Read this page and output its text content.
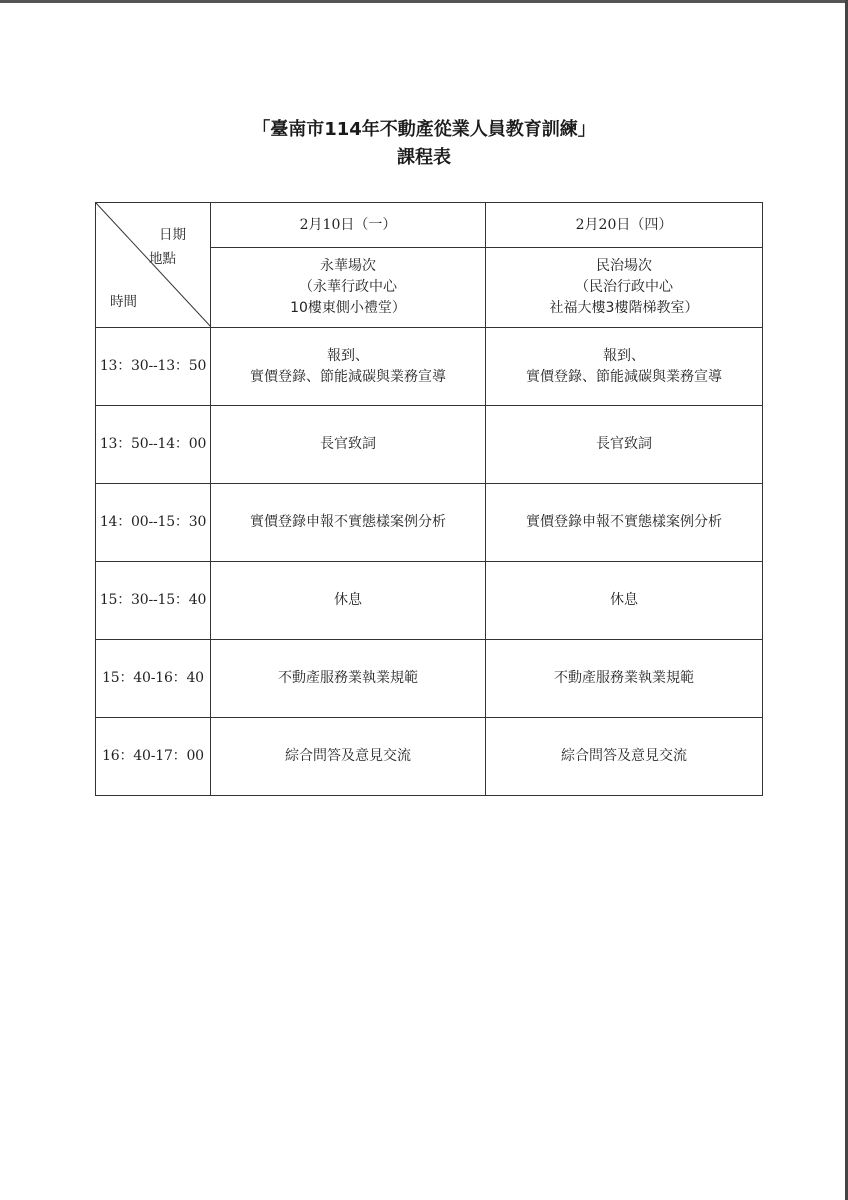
「臺南市114年不動產從業人員教育訓練」
課程表
日期
地點
時間	2月10日（一）	2月20日（四）

	永華場次
（永華行政中心
10樓東側小禮堂）	民治場次
（民治行政中心
社福大樓3樓階梯教室）

13：30--13：50	報到、
實價登錄、節能減碳與業務宣導	報到、
實價登錄、節能減碳與業務宣導

13：50--14：00	長官致詞	長官致詞

14：00--15：30	實價登錄申報不實態樣案例分析	實價登錄申報不實態樣案例分析

15：30--15：40	休息	休息

15：40-16：40	不動產服務業執業規範	不動產服務業執業規範

16：40-17：00	綜合問答及意見交流	綜合問答及意見交流
